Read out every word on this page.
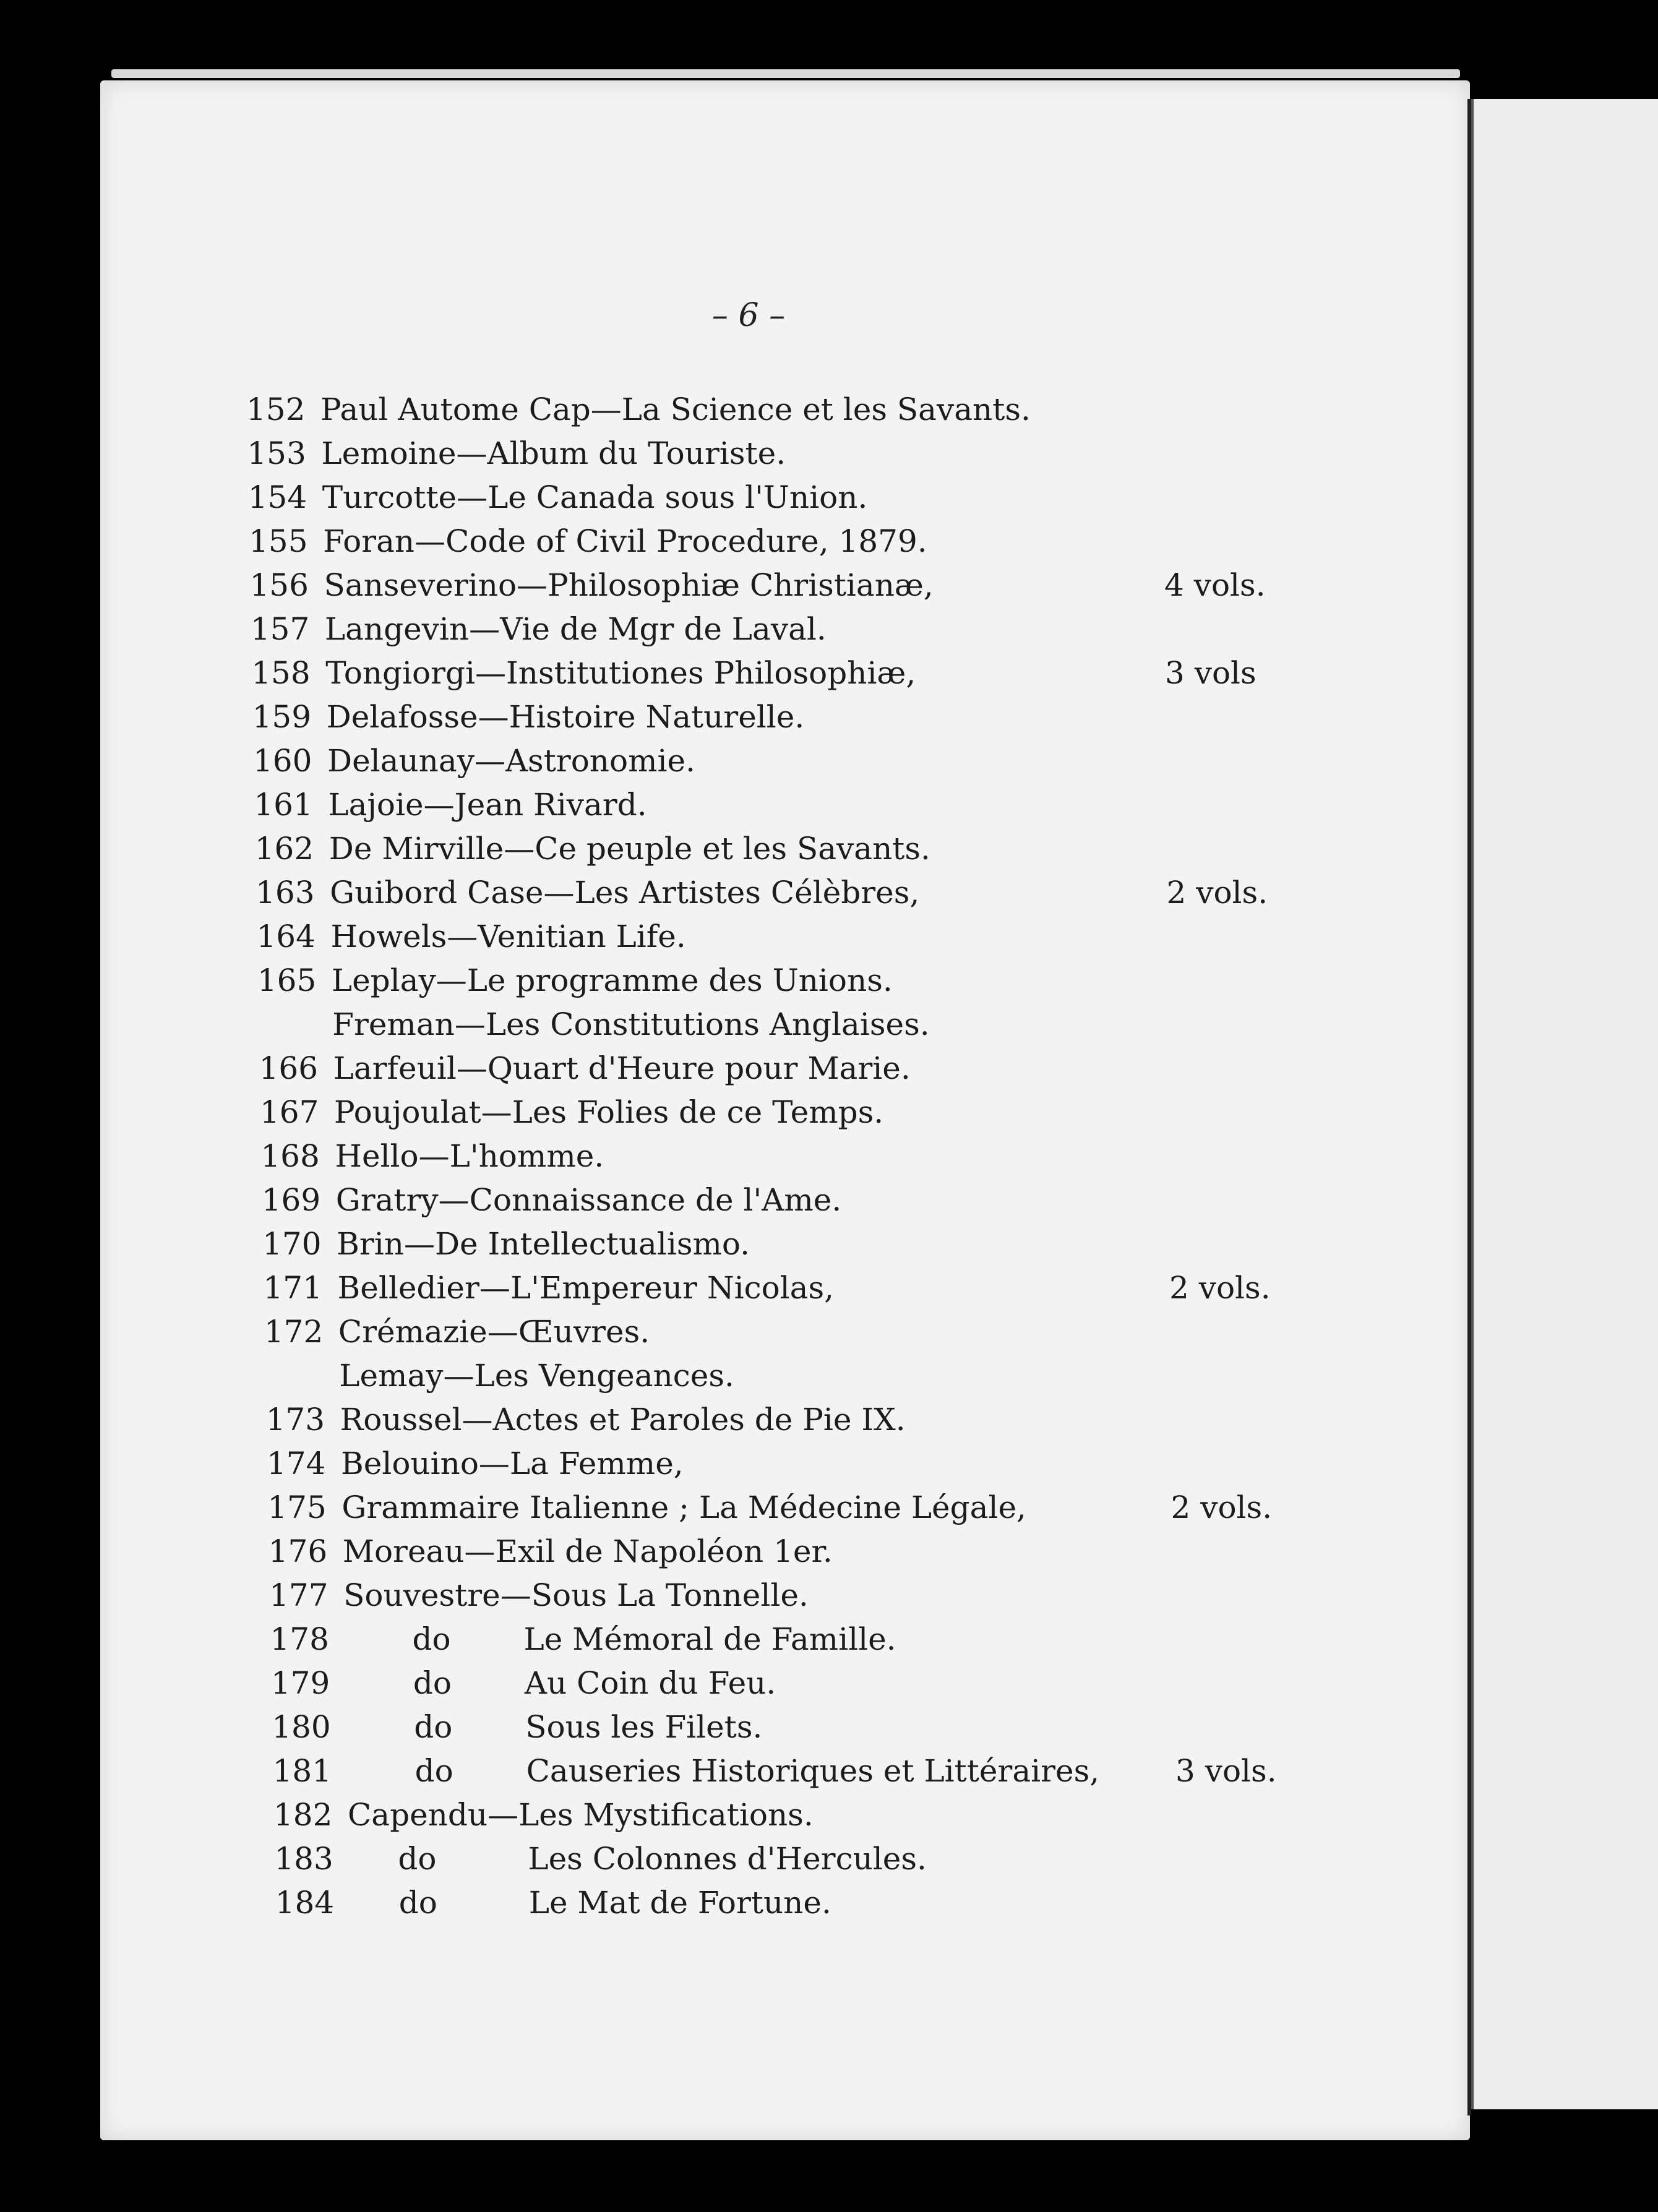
– 6 –
152 Paul Autome Cap—La Science et les Savants.
153 Lemoine—Album du Touriste.
154 Turcotte—Le Canada sous l'Union.
155 Foran—Code of Civil Procedure, 1879.
156 Sanseverino—Philosophiæ Christianæ,	4 vols.
157 Langevin—Vie de Mgr de Laval.
158 Tongiorgi—Institutiones Philosophiæ,	3 vols
159 Delafosse—Histoire Naturelle.
160 Delaunay—Astronomie.
161 Lajoie—Jean Rivard.
162 De Mirville—Ce peuple et les Savants.
163 Guibord Case—Les Artistes Célèbres,	2 vols.
164 Howels—Venitian Life.
165 Leplay—Le programme des Unions.
Freman—Les Constitutions Anglaises.
166 Larfeuil—Quart d'Heure pour Marie.
167 Poujoulat—Les Folies de ce Temps.
168 Hello—L'homme.
169 Gratry—Connaissance de l'Ame.
170 Brin—De Intellectualismo.
171 Belledier—L'Empereur Nicolas,	2 vols.
172 Crémazie—Œuvres.
Lemay—Les Vengeances.
173 Roussel—Actes et Paroles de Pie IX.
174 Belouino—La Femme,
175 Grammaire Italienne ; La Médecine Légale,	2 vols.
176 Moreau—Exil de Napoléon 1er.
177 Souvestre—Sous La Tonnelle.
178	do Le Mémoral de Famille.
179	do Au Coin du Feu.
180	do Sous les Filets.
181	do Causeries Historiques et Littéraires, 3 vols.
182 Capendu—Les Mystifications.
183	do	Les Colonnes d'Hercules.
184	do	Le Mat de Fortune.
